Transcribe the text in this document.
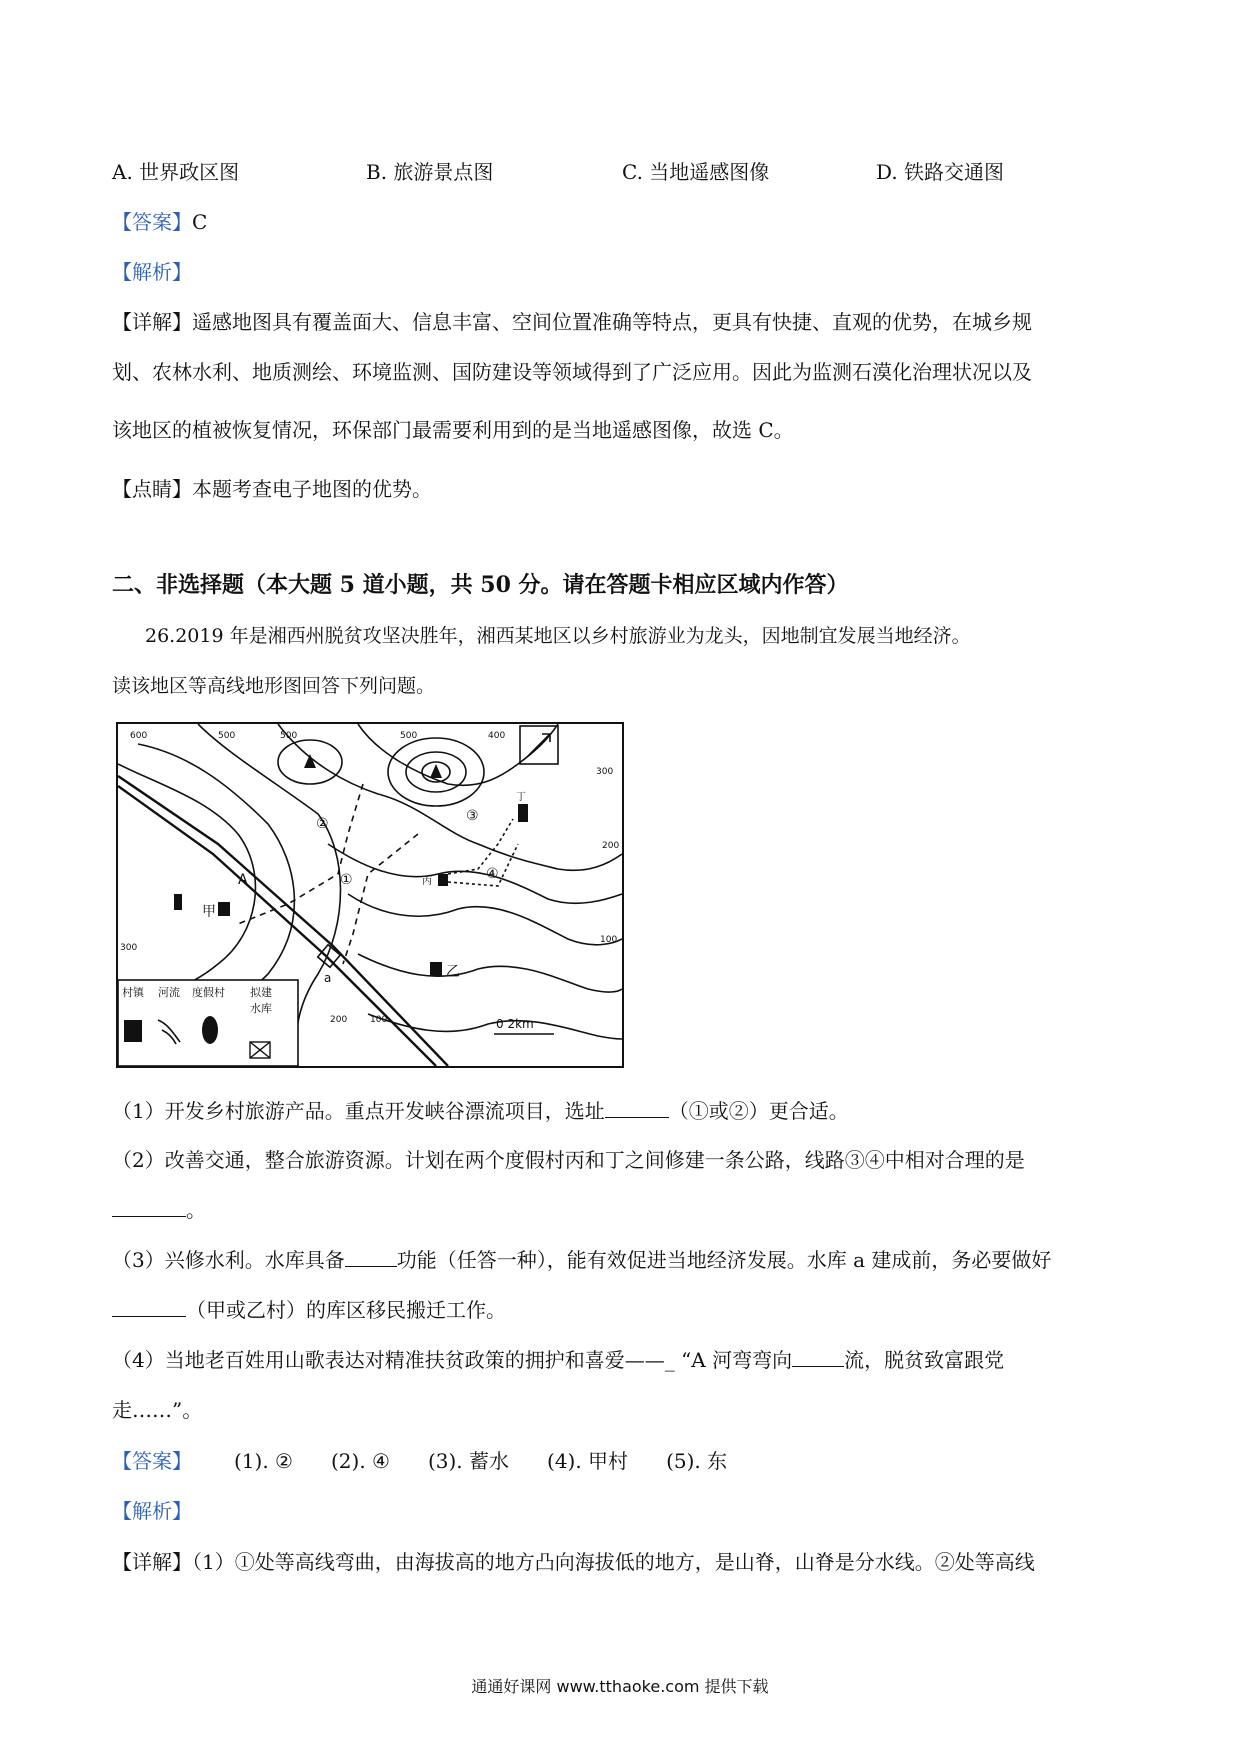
A. 世界政区图	B. 旅游景点图	C. 当地遥感图像	D. 铁路交通图
【答案】C
【解析】
【详解】遥感地图具有覆盖面大、信息丰富、空间位置准确等特点，更具有快捷、直观的优势，在城乡规
划、农林水利、地质测绘、环境监测、国防建设等领域得到了广泛应用。因此为监测石漠化治理状况以及
该地区的植被恢复情况，环保部门最需要利用到的是当地遥感图像，故选 C。
【点睛】本题考查电子地图的优势。
二、非选择题（本大题 5 道小题，共 50 分。请在答题卡相应区域内作答）
26.2019 年是湘西州脱贫攻坚决胜年，湘西某地区以乡村旅游业为龙头，因地制宜发展当地经济。
读该地区等高线地形图回答下列问题。
600	500	500	500	400
300
200
100
300
200	100
A
甲
乙
丙
a
①
②	③
④
丁
0 2km
村镇 河流 度假村 拟建
水库
（1）开发乡村旅游产品。重点开发峡谷漂流项目，选址	（①或②）更合适。
（2）改善交通，整合旅游资源。计划在两个度假村丙和丁之间修建一条公路，线路③④中相对合理的是
。
（3）兴修水利。水库具备	功能（任答一种），能有效促进当地经济发展。水库 a 建成前，务必要做好
（甲或乙村）的库区移民搬迁工作。
（4）当地老百姓用山歌表达对精准扶贫政策的拥护和喜爱——_ “A 河弯弯向	流，脱贫致富跟党
走……”。
【答案】 (1). ② (2). ④ (3). 蓄水 (4). 甲村 (5). 东
【解析】
【详解】（1）①处等高线弯曲，由海拔高的地方凸向海拔低的地方，是山脊，山脊是分水线。②处等高线
通通好课网 www.tthaoke.com 提供下载
